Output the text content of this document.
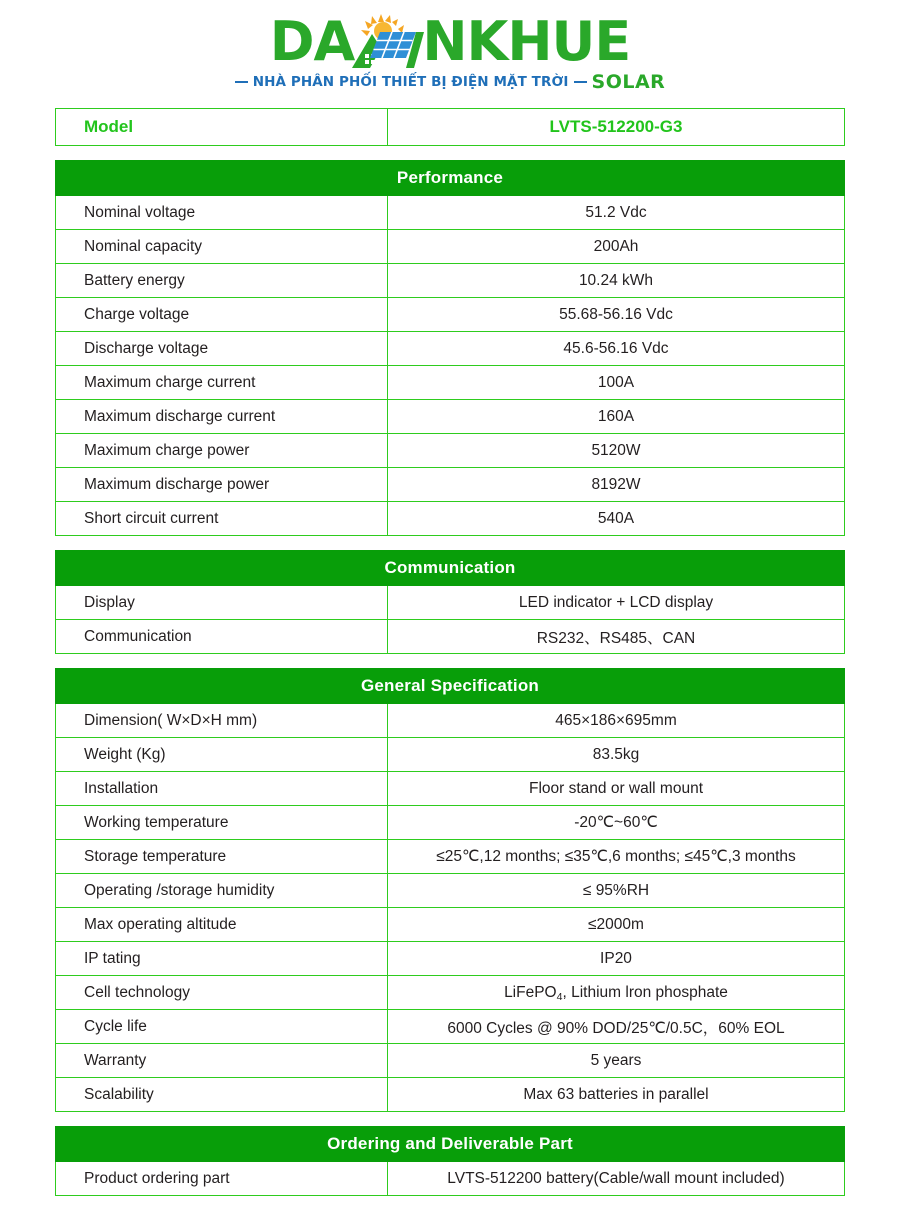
DA NKHUE
NHÀ PHÂN PHỐI THIẾT BỊ ĐIỆN MẶT TRỜI SOLAR
Model	LVTS-512200-G3
Performance	
Nominal voltage	51.2 Vdc
Nominal capacity	200Ah
Battery energy	10.24 kWh
Charge voltage	55.68-56.16 Vdc
Discharge voltage	45.6-56.16 Vdc
Maximum charge current	100A
Maximum discharge current	160A
Maximum charge power	5120W
Maximum discharge power	8192W
Short circuit current	540A
Communication	
Display	LED indicator + LCD display
Communication	RS232、RS485、CAN
General Specification	
Dimension( W×D×H mm)	465×186×695mm
Weight (Kg)	83.5kg
Installation	Floor stand or wall mount
Working temperature	-20℃~60℃
Storage temperature	≤25℃,12 months; ≤35℃,6 months; ≤45℃,3 months
Operating /storage humidity	≤ 95%RH
Max operating altitude	≤2000m
IP tating	IP20
Cell technology	LiFePO$_4$, Lithium lron phosphate
Cycle life	6000 Cycles @ 90% DOD/25℃/0.5C，60% EOL
Warranty	5 years
Scalability	Max 63 batteries in parallel
Ordering and Deliverable Part
Product ordering part	LVTS-512200 battery(Cable/wall mount included)
